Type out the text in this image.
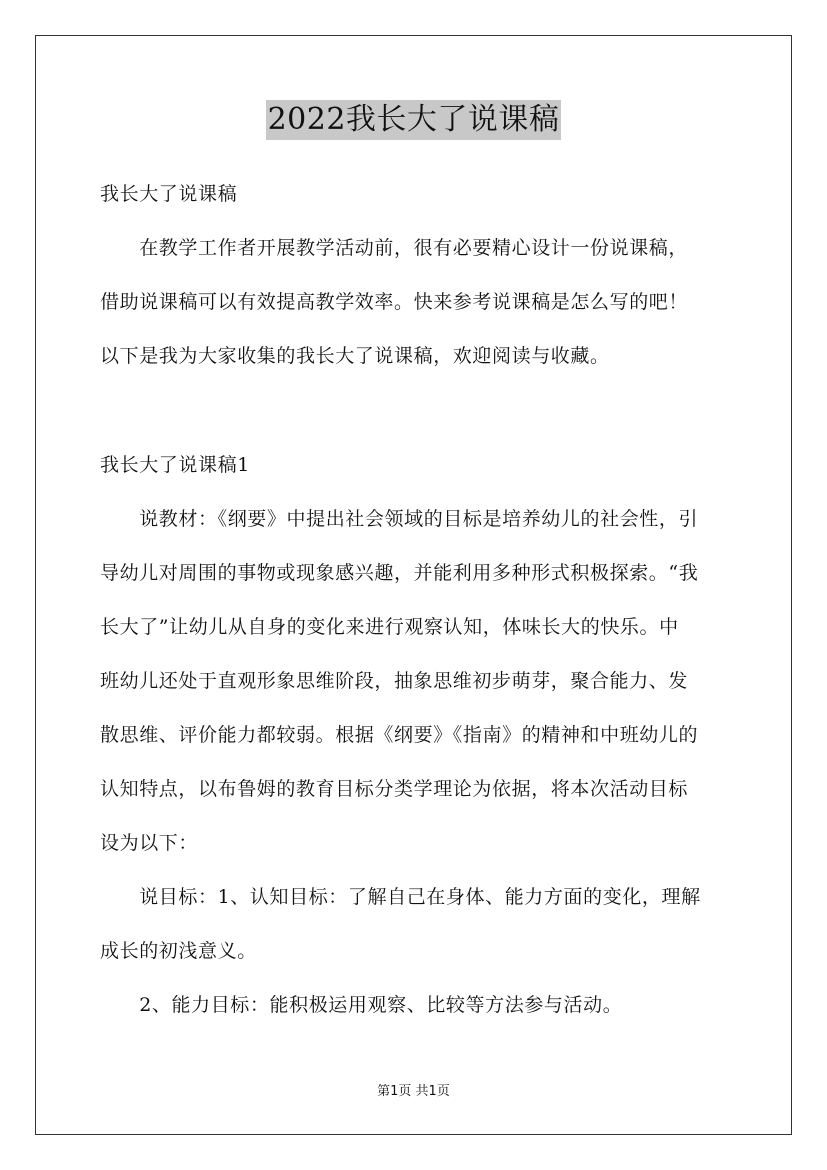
2022我长大了说课稿
我长大了说课稿
　　在教学工作者开展教学活动前，很有必要精心设计一份说课稿，
借助说课稿可以有效提高教学效率。快来参考说课稿是怎么写的吧！
以下是我为大家收集的我长大了说课稿，欢迎阅读与收藏。
我长大了说课稿1
　　说教材：《纲要》中提出社会领域的目标是培养幼儿的社会性，引
导幼儿对周围的事物或现象感兴趣，并能利用多种形式积极探索。“我
长大了”让幼儿从自身的变化来进行观察认知，体味长大的快乐。中
班幼儿还处于直观形象思维阶段，抽象思维初步萌芽，聚合能力、发
散思维、评价能力都较弱。根据《纲要》《指南》的精神和中班幼儿的
认知特点，以布鲁姆的教育目标分类学理论为依据，将本次活动目标
设为以下：
　　说目标：1、认知目标：了解自己在身体、能力方面的变化，理解
成长的初浅意义。
　　2、能力目标：能积极运用观察、比较等方法参与活动。
第1页 共1页
